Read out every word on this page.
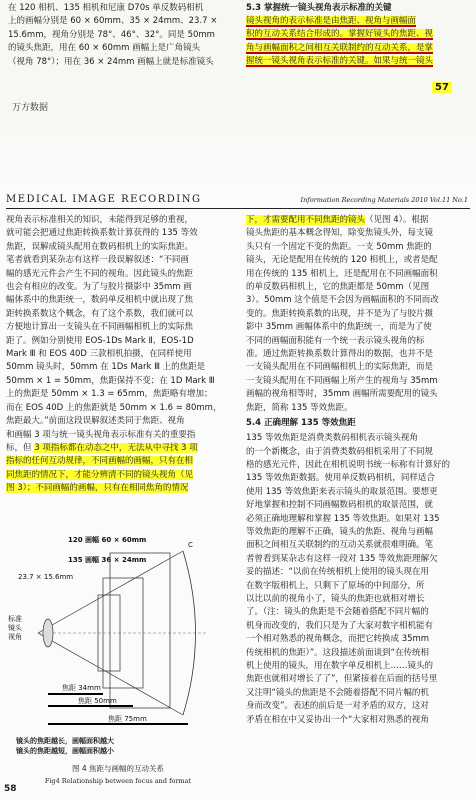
在 120 相机、135 相机和尼康 D70s 单反数码相机

上的画幅分别是 60 × 60mm、35 × 24mm、23.7 ×

15.6mm，视角分别是 78°、46°、32°。同是 50mm

的镜头焦距，用在 60 × 60mm 画幅上是广角镜头

（视角 78°）；用在 36 × 24mm 画幅上就是标准镜头

万方数据

5.3 掌握统一镜头视角表示标准的关键

镜头视角的表示标准是由焦距、视角与画幅面

积的互动关系结合形成的。掌握好镜头的焦距、视

角与画幅面积之间相互关联制约的互动关系，是掌

握统一镜头视角表示标准的关键。如果与统一镜头

57
MEDICAL IMAGE RECORDING	Information Recording Materials 2010 Vol.11 No.1

视角表示标准相关的知识，未能得到足够的重视，

就可能会把通过焦距转换系数计算获得的 135 等效

焦距，误解成镜头配用在数码相机上的实际焦距。

笔者就看到某杂志有这样一段误解叙述：“不同画

幅的感光元件会产生不同的视角。因此镜头的焦距

也会有相应的改变。为了与胶片摄影中 35mm 画

幅体系中的焦距统一，数码单反相机中就出现了焦

距转换系数这个概念，有了这个系数，我们就可以

方便地计算出一支镜头在不同画幅相机上的实际焦

距了。例如分别使用 EOS-1Ds Mark Ⅱ、EOS-1D

Mark Ⅲ 和 EOS 40D 三款相机拍摄，在同样使用

50mm 镜头时，50mm 在 1Ds Mark Ⅲ 上的焦距是

50mm × 1 = 50mm，焦距保持不变；在 1D Mark Ⅲ

上的焦距是 50mm × 1.3 = 65mm，焦距略有增加；

而在 EOS 40D 上的焦距就是 50mm × 1.6 = 80mm，

焦距最大。”前面这段误解叙述类同于焦距、视角

和画幅 3 项与统一镜头视角表示标准有关的重要指

标，但 3 项指标都在动态之中，无法从中寻找 3 项

指标的任何互动规律，不同画幅的画幅，只有在相

同焦距的情况下，才能分辨清不同的镜头视角（见

图 3）；不同画幅的画幅，只有在相同焦角的情况

120 画幅 60 × 60mm
135 画幅 36 × 24mm
23.7 × 15.6mm
标准
镜头
视角
焦距 34mm
焦距 50mm
焦距 75mm
C
镜头的焦距越长，画幅面积越大
镜头的焦距越短，画幅面积越小
图 4 焦距与画幅的互动关系
Fig4 Relationship between focus and format
58

下，才需要配用不同焦距的镜头（见图 4）。根据

镜头焦距的基本概念得知，除变焦镜头外，每支镜

头只有一个固定不变的焦距。一支 50mm 焦距的

镜头，无论是配用在传统的 120 相机上，或者是配

用在传统的 135 相机上，还是配用在不同画幅面积

的单反数码相机上，它的焦距都是 50mm（见图

3）。50mm 这个值是不会因为画幅面积的不同而改

变的。焦距转换系数的出现，并不是为了与胶片摄

影中 35mm 画幅体系中的焦距统一，而是为了使

不同的画幅面积能有一个统一表示镜头视角的标

准。通过焦距转换系数计算得出的数据，也并不是

一支镜头配用在不同画幅相机上的实际焦距，而是

一支镜头配用在不同画幅上所产生的视角与 35mm

画幅的视角相等时，35mm 画幅所需要配用的镜头

焦距，简称 135 等效焦距。

5.4 正确理解 135 等效焦距

135 等效焦距是消费类数码相机表示镜头视角

的一个新概念，由于消费类数码相机采用了不同规

格的感光元件，因此在相机说明书统一标称有计算好的

135 等效焦距数据。使用单反数码相机，同样适合

使用 135 等效焦距来表示镜头的取景范围。要想更

好地掌握和控制不同画幅数码相机的取景范围，就

必须正确地理解和掌握 135 等效焦距。如果对 135

等效焦距的理解不正确，镜头的焦距、视角与画幅

面积之间相互关联制约的互动关系就很难明确。笔

者曾看到某杂志有这样一段对 135 等效焦距理解欠

妥的描述：“以前在传统相机上使用的镜头现在用

在数字版相机上，只剩下了原场的中间部分，所

以比以前的视角小了，镜头的焦距也就相对增长

了。（注：镜头的焦距是不会随着搭配不同片幅的

机身而改变的，我们只是为了大家对数字相机能有

一个相对熟悉的视角概念，而把它转换成 35mm

传统相机的焦距）”。这段描述前面谈到“在传统相

机上使用的镜头，用在数字单反相机上……镜头的

焦距也就相对增长了了”，但紧接着在后面的括号里

又注明“镜头的焦距是不会随着搭配不同片幅的机

身而改变”。表述的前后是一对矛盾的双方，这对

矛盾在相在中又妥协出一个“大家相对熟悉的视角
